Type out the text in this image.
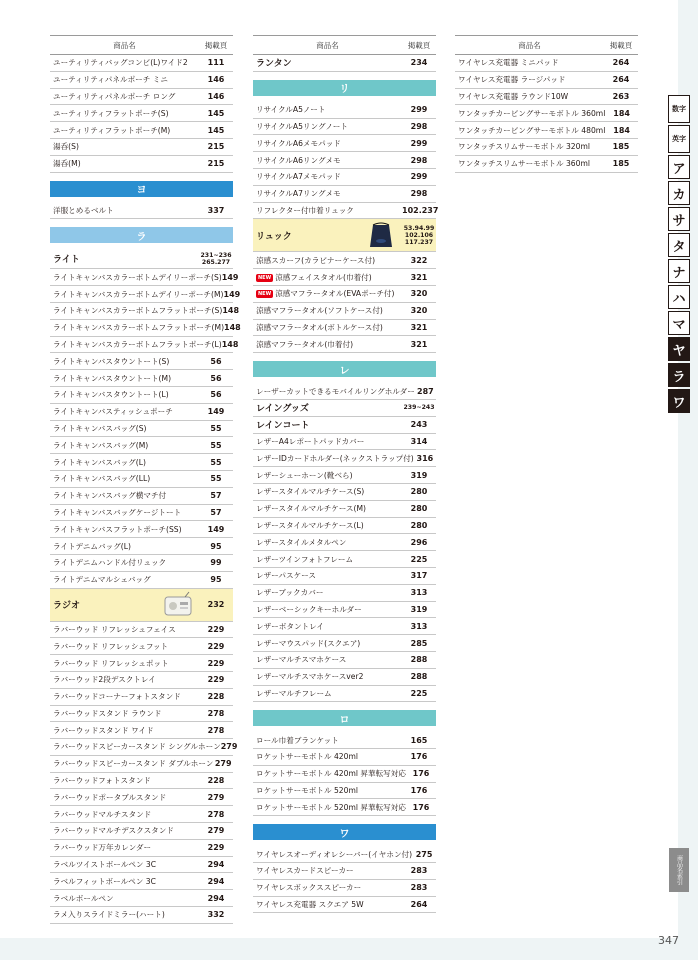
商品名	掲載頁
ユーティリティバッグコンビ(L)ワイド2	111
ユーティリティパネルポーチ ミニ	146
ユーティリティパネルポーチ ロング	146
ユーティリティフラットポーチ(S)	145
ユーティリティフラットポーチ(M)	145
湯呑(S)	215
湯呑(M)	215
ヨ
洋服とめるベルト	337
ラ
ライト	231~236 265.277
ライトキャンバスカラーボトムデイリーポーチ(S) 149
ライトキャンバスカラーボトムデイリーポーチ(M) 149
ライトキャンバスカラーボトムフラットポーチ(S) 148
ライトキャンバスカラーボトムフラットポーチ(M) 148
ライトキャンバスカラーボトムフラットポーチ(L) 148
ライトキャンバスタウントート(S)	56
ライトキャンバスタウントート(M)	56
ライトキャンバスタウントート(L)	56
ライトキャンバスティッシュポーチ	149
ライトキャンバスバッグ(S)	55
ライトキャンバスバッグ(M)	55
ライトキャンバスバッグ(L)	55
ライトキャンバスバッグ(LL)	55
ライトキャンバスバッグ横マチ付	57
ライトキャンバスバッグケージトート	57
ライトキャンバスフラットポーチ(SS)	149
ライトデニムバッグ(L)	95
ライトデニムハンドル付リュック	99
ライトデニムマルシェバッグ	95
ラジオ	232
ラバーウッド リフレッシュフェイス	229
ラバーウッド リフレッシュフット	229
ラバーウッド リフレッシュポット	229
ラバーウッド2段デスクトレイ	229
ラバーウッドコーナーフォトスタンド	228
ラバーウッドスタンド ラウンド	278
ラバーウッドスタンド ワイド	278
ラバーウッドスピーカースタンド シングルホーン 279
ラバーウッドスピーカースタンド ダブルホーン 279
ラバーウッドフォトスタンド	228
ラバーウッドポータブルスタンド	279
ラバーウッドマルチスタンド	278
ラバーウッドマルチデスクスタンド	279
ラバーウッド万年カレンダー	229
ラベルツイストボールペン 3C	294
ラベルフィットボールペン 3C	294
ラベルボールペン	294
ラメ入りスライドミラー(ハート)	332
商品名	掲載頁
ランタン	234
リ
リサイクルA5ノート	299
リサイクルA5リングノート	298
リサイクルA6メモパッド	299
リサイクルA6リングメモ	298
リサイクルA7メモパッド	299
リサイクルA7リングメモ	298
リフレクター付巾着リュック	102.237
リュック
53.94.99 102.106 117.237
涼感スカーフ(カラビナーケース付)	322
NEW 涼感フェイスタオル(巾着付)	321
NEW 涼感マフラータオル(EVAポーチ付)	320
涼感マフラータオル(ソフトケース付)	320
涼感マフラータオル(ボトルケース付)	321
涼感マフラータオル(巾着付)	321
レ
レーザーカットできるモバイルリングホルダー 287
レイングッズ	239~243
レインコート	243
レザーA4レポートパッドカバー	314
レザーIDカードホルダー(ネックストラップ付) 316
レザーシューホーン(靴べら)	319
レザースタイルマルチケース(S)	280
レザースタイルマルチケース(M)	280
レザースタイルマルチケース(L)	280
レザースタイルメタルペン	296
レザーツインフォトフレーム	225
レザーパスケース	317
レザーブックカバー	313
レザーベーシックキーホルダー	319
レザーボタントレイ	313
レザーマウスパッド(スクエア)	285
レザーマルチスマホケース	288
レザーマルチスマホケースver2	288
レザーマルチフレーム	225
ロ
ロール巾着ブランケット	165
ロケットサーモボトル 420ml	176
ロケットサーモボトル 420ml 昇華転写対応 176
ロケットサーモボトル 520ml	176
ロケットサーモボトル 520ml 昇華転写対応 176
ワ
ワイヤレスオーディオレシーバー(イヤホン付) 275
ワイヤレスカードスピーカー	283
ワイヤレスボックススピーカー	283
ワイヤレス充電器 スクエア 5W	264
商品名	掲載頁
ワイヤレス充電器 ミニパッド	264
ワイヤレス充電器 ラージパッド	264
ワイヤレス充電器 ラウンド10W	263
ワンタッチカービングサーモボトル 360ml 184
ワンタッチカービングサーモボトル 480ml 184
ワンタッチスリムサーモボトル 320ml	185
ワンタッチスリムサーモボトル 360ml	185
数字
英字
ア
カ
サ
タ
ナ
ハ
マ
ヤ
ラ
ワ
商品名索引
347
